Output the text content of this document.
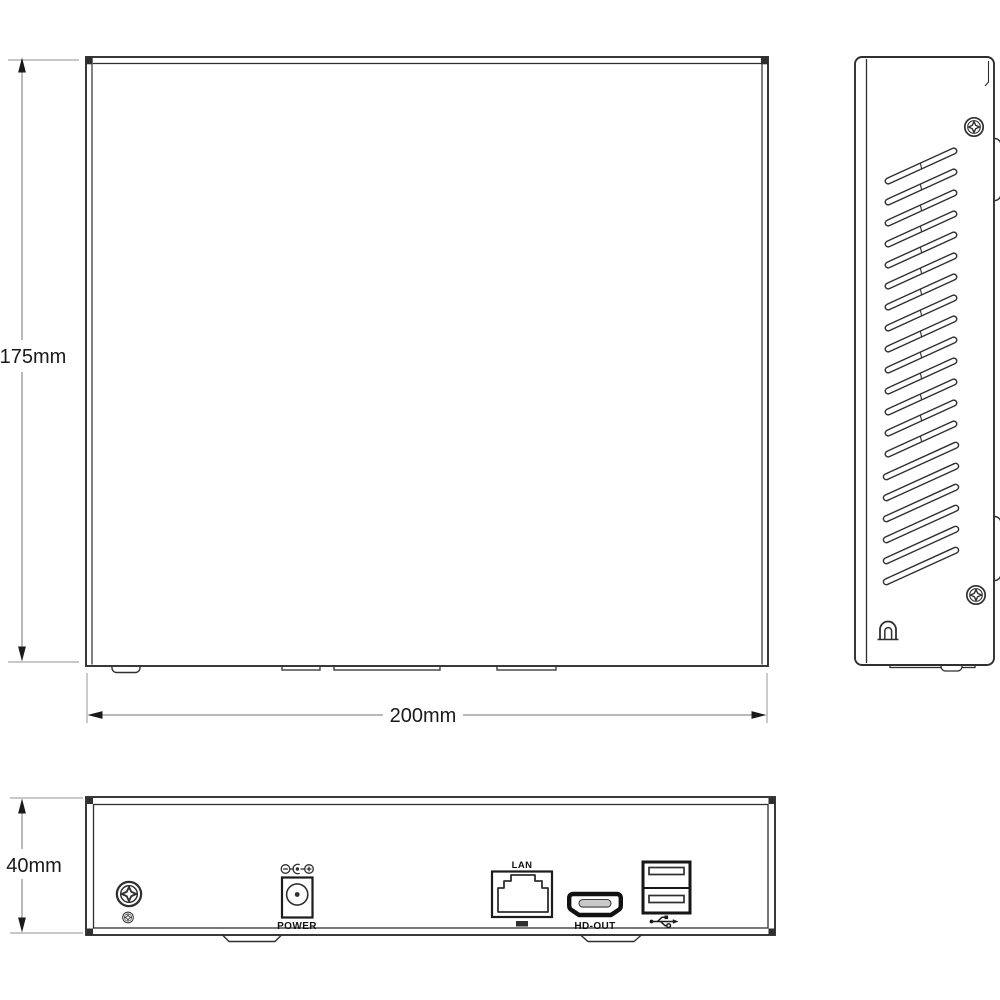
175mm
200mm
POWER
LAN
HD-OUT
40mm
